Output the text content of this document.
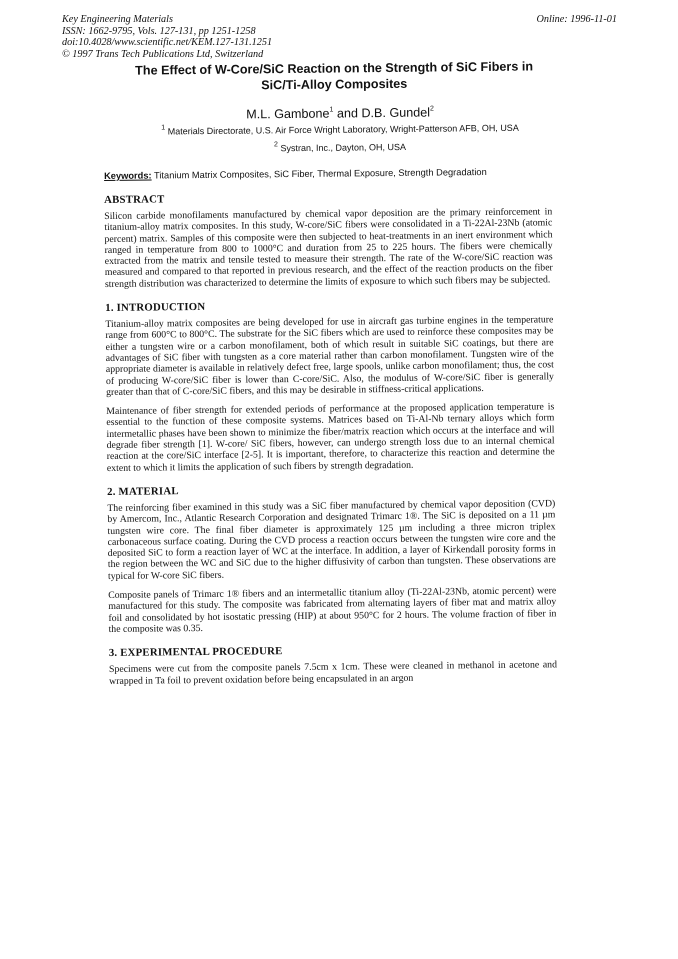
Key Engineering Materials
ISSN: 1662-9795, Vols. 127-131, pp 1251-1258
doi:10.4028/www.scientific.net/KEM.127-131.1251
© 1997 Trans Tech Publications Ltd, Switzerland
Online: 1996-11-01
The Effect of W-Core/SiC Reaction on the Strength of SiC Fibers in
SiC/Ti-Alloy Composites
M.L. Gambone$^1$ and D.B. Gundel$^2$
$^1$ Materials Directorate, U.S. Air Force Wright Laboratory, Wright-Patterson AFB, OH, USA
$^2$ Systran, Inc., Dayton, OH, USA
Keywords: Titanium Matrix Composites, SiC Fiber, Thermal Exposure, Strength Degradation
ABSTRACT

Silicon carbide monofilaments manufactured by chemical vapor deposition are the primary reinforcement in titanium-alloy matrix composites. In this study, W-core/SiC fibers were consolidated in a Ti-22Al-23Nb (atomic percent) matrix. Samples of this composite were then subjected to heat-treatments in an inert environment which ranged in temperature from 800 to 1000°C and duration from 25 to 225 hours. The fibers were chemically extracted from the matrix and tensile tested to measure their strength. The rate of the W-core/SiC reaction was measured and compared to that reported in previous research, and the effect of the reaction products on the fiber strength distribution was characterized to determine the limits of exposure to which such fibers may be subjected.

1. INTRODUCTION

Titanium-alloy matrix composites are being developed for use in aircraft gas turbine engines in the temperature range from 600°C to 800°C. The substrate for the SiC fibers which are used to reinforce these composites may be either a tungsten wire or a carbon monofilament, both of which result in suitable SiC coatings, but there are advantages of SiC fiber with tungsten as a core material rather than carbon monofilament. Tungsten wire of the appropriate diameter is available in relatively defect free, large spools, unlike carbon monofilament; thus, the cost of producing W-core/SiC fiber is lower than C-core/SiC. Also, the modulus of W-core/SiC fiber is generally greater than that of C-core/SiC fibers, and this may be desirable in stiffness-critical applications.

Maintenance of fiber strength for extended periods of performance at the proposed application temperature is essential to the function of these composite systems. Matrices based on Ti-Al-Nb ternary alloys which form intermetallic phases have been shown to minimize the fiber/matrix reaction which occurs at the interface and will degrade fiber strength [1]. W-core/ SiC fibers, however, can undergo strength loss due to an internal chemical reaction at the core/SiC interface [2-5]. It is important, therefore, to characterize this reaction and determine the extent to which it limits the application of such fibers by strength degradation.

2. MATERIAL

The reinforcing fiber examined in this study was a SiC fiber manufactured by chemical vapor deposition (CVD) by Amercom, Inc., Atlantic Research Corporation and designated Trimarc 1®. The SiC is deposited on a 11 µm tungsten wire core. The final fiber diameter is approximately 125 µm including a three micron triplex carbonaceous surface coating. During the CVD process a reaction occurs between the tungsten wire core and the deposited SiC to form a reaction layer of WC at the interface. In addition, a layer of Kirkendall porosity forms in the region between the WC and SiC due to the higher diffusivity of carbon than tungsten. These observations are typical for W-core SiC fibers.

Composite panels of Trimarc 1® fibers and an intermetallic titanium alloy (Ti-22Al-23Nb, atomic percent) were manufactured for this study. The composite was fabricated from alternating layers of fiber mat and matrix alloy foil and consolidated by hot isostatic pressing (HIP) at about 950°C for 2 hours. The volume fraction of fiber in the composite was 0.35.

3. EXPERIMENTAL PROCEDURE

Specimens were cut from the composite panels 7.5cm x 1cm. These were cleaned in methanol in acetone and wrapped in Ta foil to prevent oxidation before being encapsulated in an argon
